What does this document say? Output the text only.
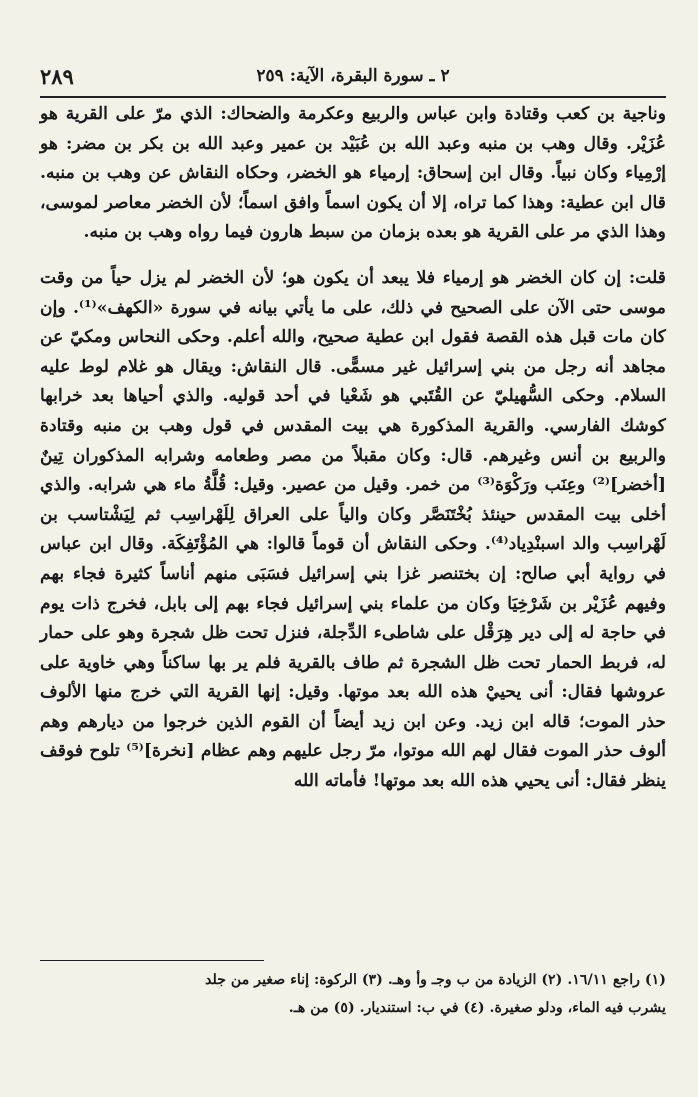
٢٨٩	٢ ـ سورة البقرة، الآية: ٢٥٩

وناجية بن كعب وقتادة وابن عباس والربيع وعكرمة والضحاك: الذي مرّ على القرية هو عُزَيْر. وقال وهب بن منبه وعبد الله بن عُبَيْد بن عمير وعبد الله بن بكر بن مضر: هو إرْمِياء وكان نبياً. وقال ابن إسحاق: إرمياء هو الخضر، وحكاه النقاش عن وهب بن منبه. قال ابن عطية: وهذا كما تراه، إلا أن يكون اسماً وافق اسماً؛ لأن الخضر معاصر لموسى، وهذا الذي مر على القرية هو بعده بزمان من سبط هارون فيما رواه وهب بن منبه.

قلت: إن كان الخضر هو إرمياء فلا يبعد أن يكون هو؛ لأن الخضر لم يزل حياً من وقت موسى حتى الآن على الصحيح في ذلك، على ما يأتي بيانه في سورة «الكهف»⁽¹⁾. وإن كان مات قبل هذه القصة فقول ابن عطية صحيح، والله أعلم. وحكى النحاس ومكيّ عن مجاهد أنه رجل من بني إسرائيل غير مسمًّى. قال النقاش: ويقال هو غلام لوط عليه السلام. وحكى السُّهيليّ عن القُتَبي هو شَعْيا في أحد قوليه. والذي أحياها بعد خرابها كوشك الفارسي. والقرية المذكورة هي بيت المقدس في قول وهب بن منبه وقتادة والربيع بن أنس وغيرهم. قال: وكان مقبلاً من مصر وطعامه وشرابه المذكوران تِينٌ [أخضر]⁽²⁾ وعِنَب ورَكْوَة⁽³⁾ من خمر. وقيل من عصير. وقيل: قُلَّةُ ماء هي شرابه. والذي أخلى بيت المقدس حينئذ بُخْتَنَصَّر وكان والياً على العراق لِلَهْراسِب ثم لِيَشْتاسب بن لَهْراسِب والد اسبنْدِياد⁽⁴⁾. وحكى النقاش أن قوماً قالوا: هي المُؤْتَفِكَة. وقال ابن عباس في رواية أبي صالح: إن بختنصر غزا بني إسرائيل فسَبَى منهم أناساً كثيرة فجاء بهم وفيهم عُزَيْر بن شَرْخِيَا وكان من علماء بني إسرائيل فجاء بهم إلى بابل، فخرج ذات يوم في حاجة له إلى دير هِرَقْل على شاطىء الدِّجلة، فنزل تحت ظل شجرة وهو على حمار له، فربط الحمار تحت ظل الشجرة ثم طاف بالقرية فلم ير بها ساكناً وهي خاوية على عروشها فقال: أنى يحييْ هذه الله بعد موتها. وقيل: إنها القرية التي خرج منها الألوف حذر الموت؛ قاله ابن زيد. وعن ابن زيد أيضاً أن القوم الذين خرجوا من ديارهم وهم ألوف حذر الموت فقال لهم الله موتوا، مرّ رجل عليهم وهم عظام [نخرة]⁽⁵⁾ تلوح فوقف ينظر فقال: أنى يحيي هذه الله بعد موتها! فأماته الله

(١) راجع ١٦/١١. (٢) الزيادة من ب وجـ وأ وهـ. (٣) الركوة: إناء صغير من جلد

يشرب فيه الماء، ودلو صغيرة. (٤) في ب: استنديار. (٥) من هـ.
